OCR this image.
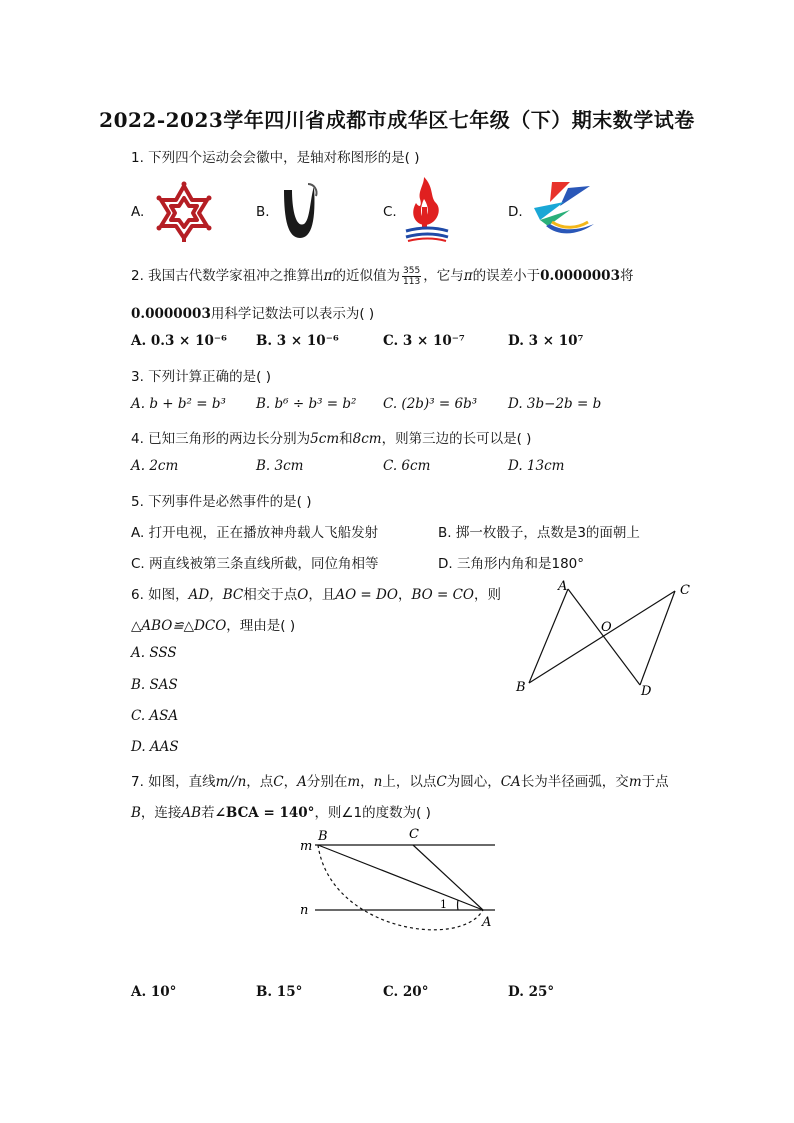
2022-2023学年四川省成都市成华区七年级（下）期末数学试卷
1. 下列四个运动会会徽中，是轴对称图形的是( )
A.	B.	C.	D.
2. 我国古代数学家祖冲之推算出π的近似值为 $\frac{355}{113}$ ，它与π的误差小于0.0000003将
0.0000003用科学记数法可以表示为( )
A. 0.3 × 10⁻⁶ B. 3 × 10⁻⁶	C. 3 × 10⁻⁷	D. 3 × 10⁷
3. 下列计算正确的是( )
A. b + b² = b³ B. b⁶ ÷ b³ = b² C. (2b)³ = 6b³ D. 3b−2b = b
4. 已知三角形的两边长分别为5cm和8cm，则第三边的长可以是( )
A. 2cm	B. 3cm	C. 6cm	D. 13cm
5. 下列事件是必然事件的是( )
A. 打开电视，正在播放神舟载人飞船发射	B. 掷一枚骰子，点数是3的面朝上
C. 两直线被第三条直线所截，同位角相等	D. 三角形内角和是180°
6. 如图，AD，BC相交于点O，且AO = DO，BO = CO，则
△ABO≌△DCO，理由是( )
A. SSS
B. SAS
C. ASA
D. AAS
A	C
O
B	D
7. 如图，直线m//n，点C，A分别在m，n上，以点C为圆心，CA长为半径画弧，交m于点
B，连接AB若∠BCA = 140°，则∠1的度数为( )
B	C
m
n	1
A
A. 10°	B. 15°	C. 20°	D. 25°
